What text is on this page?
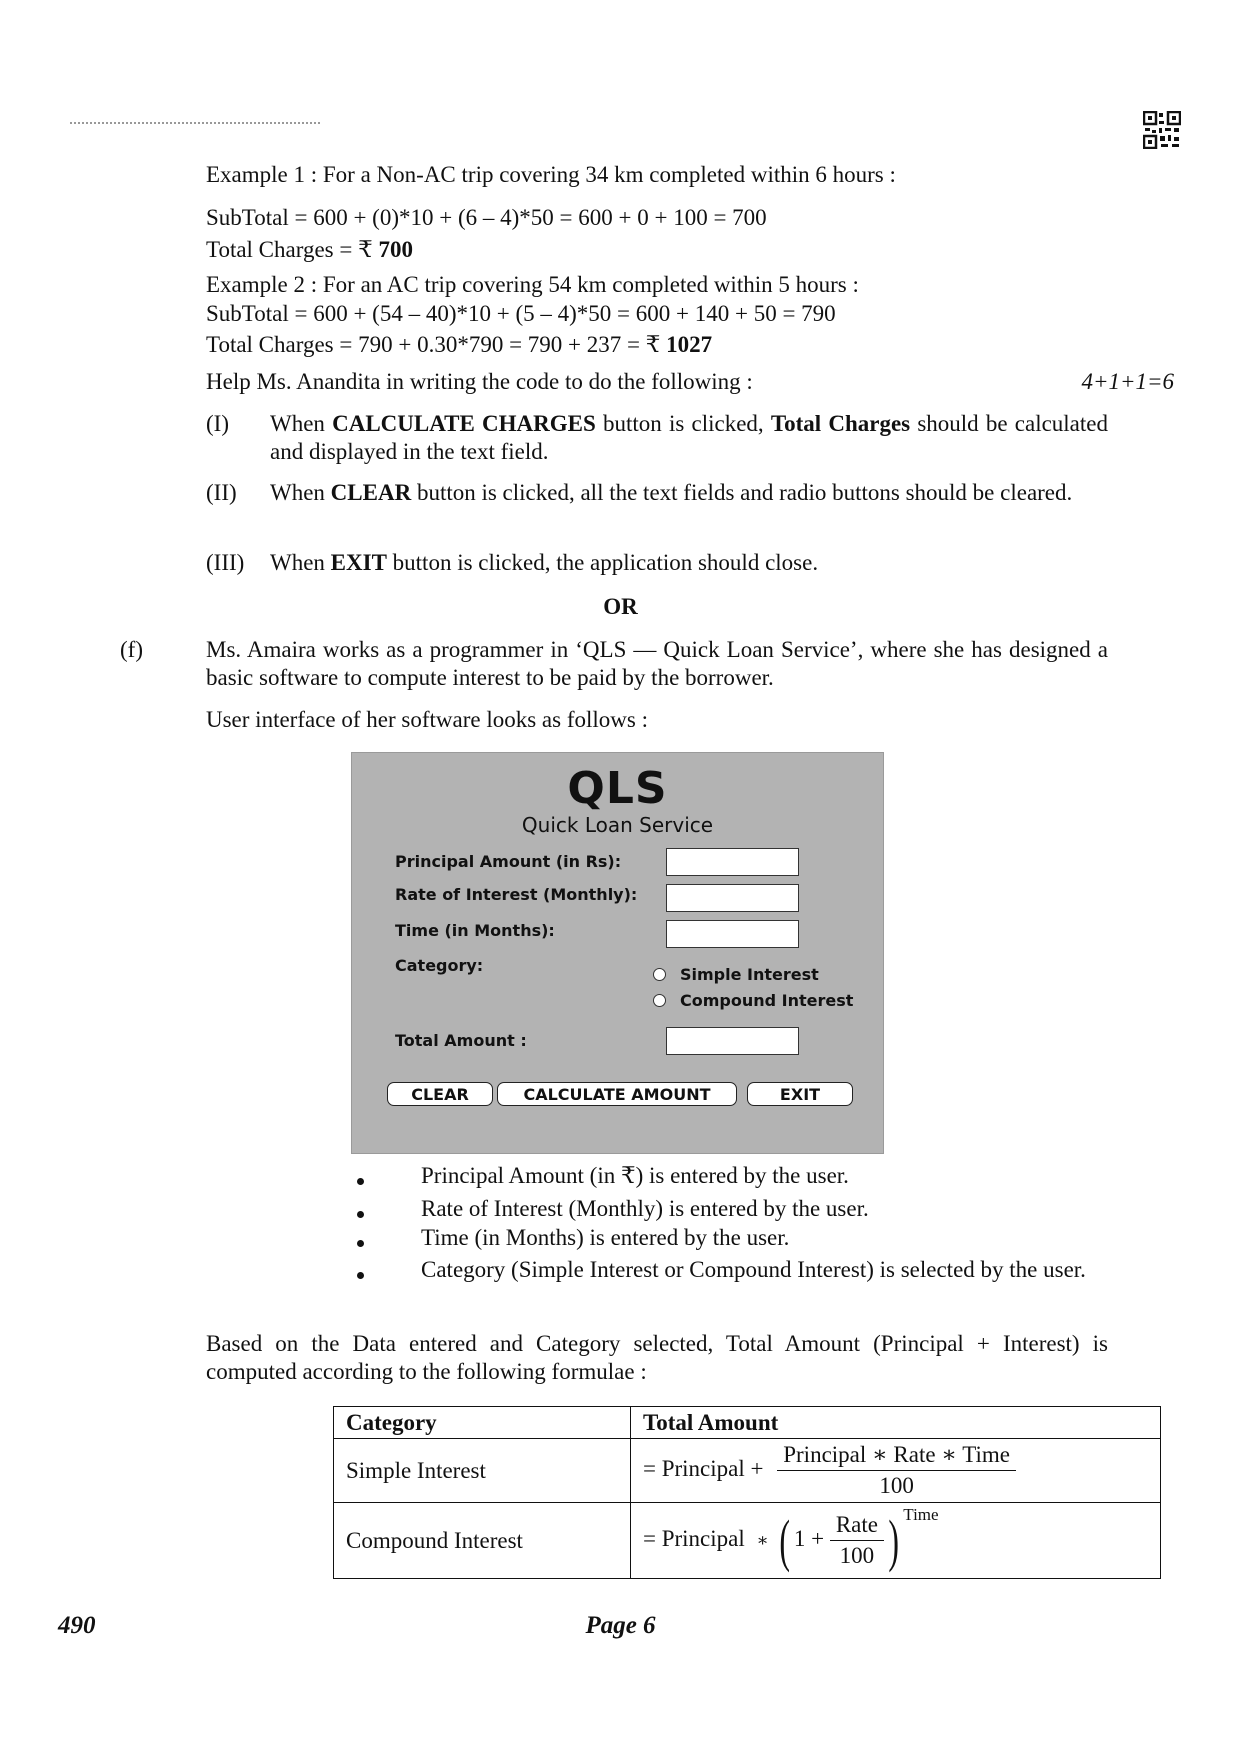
Example 1 : For a Non-AC trip covering 34 km completed within 6 hours :
SubTotal = 600 + (0)*10 + (6 – 4)*50 = 600 + 0 + 100 = 700
Total Charges = ₹ 700
Example 2 : For an AC trip covering 54 km completed within 5 hours :
SubTotal = 600 + (54 – 40)*10 + (5 – 4)*50 = 600 + 140 + 50 = 790
Total Charges = 790 + 0.30*790 = 790 + 237 = ₹ 1027
Help Ms. Anandita in writing the code to do the following :	4+1+1=6
(I) When CALCULATE CHARGES button is clicked, Total Charges should be calculated and displayed in the text field.
(II) When CLEAR button is clicked, all the text fields and radio buttons should be cleared.
(III) When EXIT button is clicked, the application should close.
OR
(f)	Ms. Amaira works as a programmer in ‘QLS — Quick Loan Service’, where she has designed a basic software to compute interest to be paid by the borrower.
User interface of her software looks as follows :
QLS
Quick Loan Service
Principal Amount (in Rs):
Rate of Interest (Monthly):
Time (in Months):
Category:	Simple Interest
Compound Interest
Total Amount :
CLEAR	CALCULATE AMOUNT	EXIT
Principal Amount (in ₹) is entered by the user.
Rate of Interest (Monthly) is entered by the user.
Time (in Months) is entered by the user.
Category (Simple Interest or Compound Interest) is selected by the user.
Based on the Data entered and Category selected, Total Amount (Principal + Interest) is computed according to the following formulae :
Category	Total Amount
Simple Interest	= Principal + $\frac{\text{Principal ∗ Rate ∗ Time}}{100}$

Compound Interest	= Principal ∗ ( $1 + \frac{\text{Rate}}{100}$ ) $^{Time}$
490	Page 6
